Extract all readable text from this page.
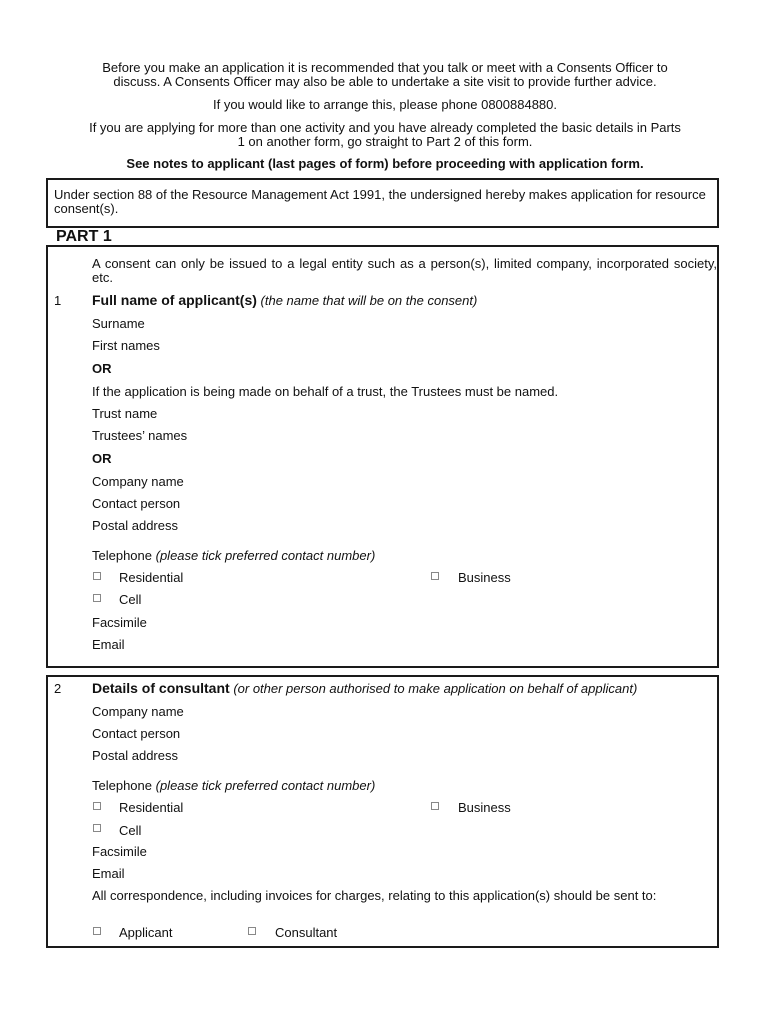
Before you make an application it is recommended that you talk or meet with a Consents Officer to
discuss. A Consents Officer may also be able to undertake a site visit to provide further advice.
If you would like to arrange this, please phone 0800884880.
If you are applying for more than one activity and you have already completed the basic details in Parts
1 on another form, go straight to Part 2 of this form.
See notes to applicant (last pages of form) before proceeding with application form.
Under section 88 of the Resource Management Act 1991, the undersigned hereby makes application for resource consent(s).
PART 1
A consent can only be issued to a legal entity such as a person(s), limited company, incorporated society, etc.
1 Full name of applicant(s) (the name that will be on the consent)
Surname
First names
OR
If the application is being made on behalf of a trust, the Trustees must be named.
Trust name
Trustees’ names
OR
Company name
Contact person
Postal address
Telephone (please tick preferred contact number)
Residential	Business
Cell
Facsimile
Email
2 Details of consultant (or other person authorised to make application on behalf of applicant)
Company name
Contact person
Postal address
Telephone (please tick preferred contact number)
Residential	Business
Cell
Facsimile
Email
All correspondence, including invoices for charges, relating to this application(s) should be sent to:
Applicant	Consultant
